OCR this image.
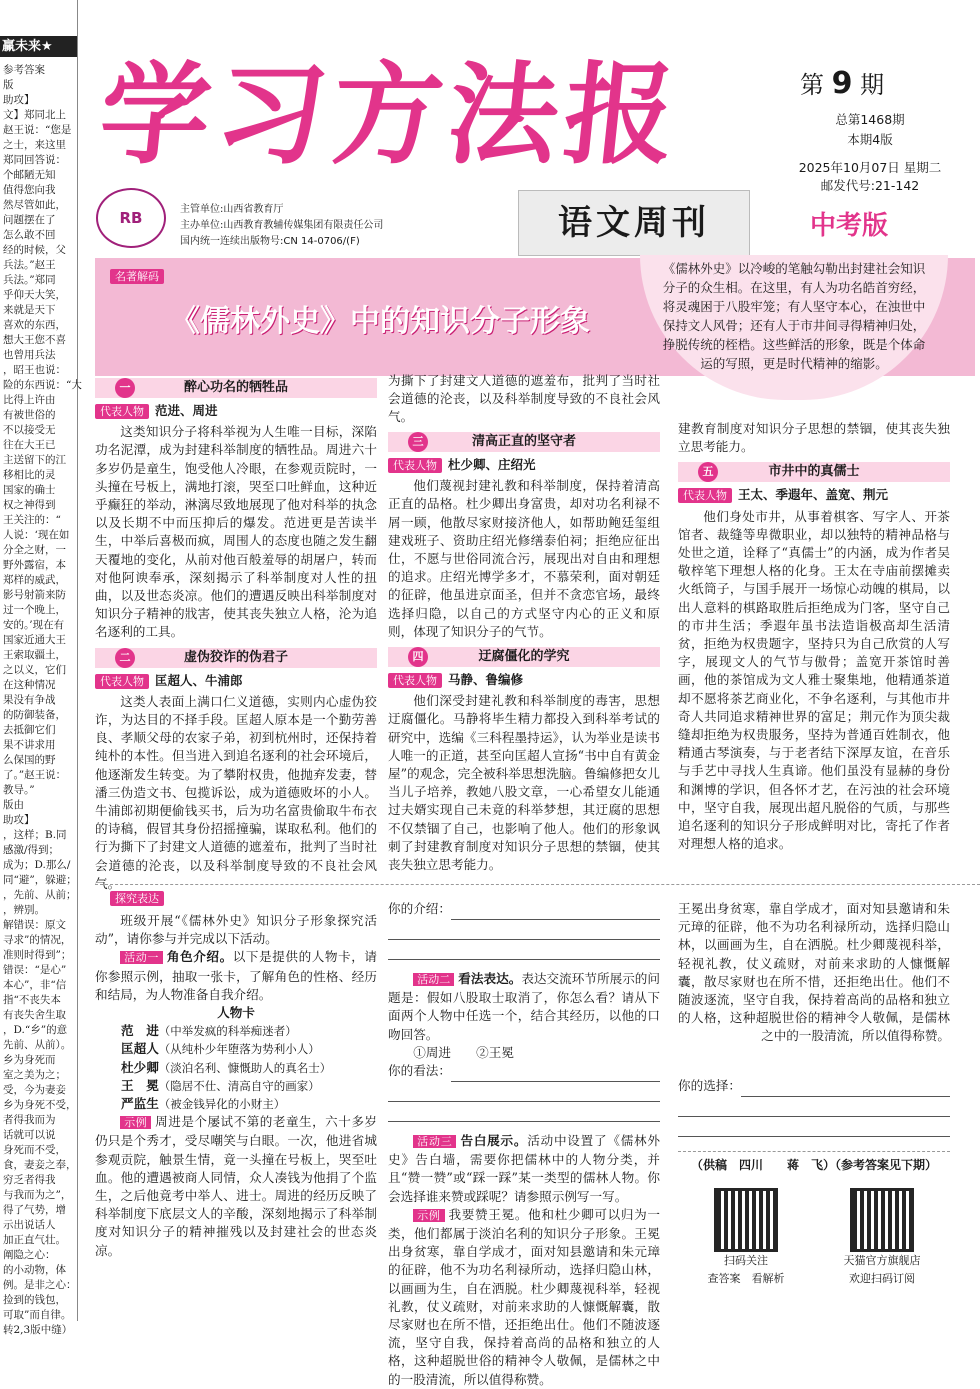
赢未来★
参考答案
版
助攻】
文】郑同北上
赵王说：“您是
之士，来这里
郑同回答说：
个邮陋无知
值得您向我
然尽管如此，
问题摆在了
怎么敢不回
经的时候，父
兵法。”赵王
兵法。”郑同
乎仰天大笑，
来就是天下
喜欢的东西，
想大王您不喜
也曾用兵法
，昭王也说：
险的东西说：“大
比得上许由
有被世俗的
不以接受无
往在大王已
主送留下的江
移相比的灵
国家的确士
权之神得到
王关注的：“
人说：‘现在如
分全之财，一
野外露宿，本
郑样的威武，
影号射箭来防
过一个晚上，
安的。’现在有
国家近通大王
王索取疆土，
之以义，它们
在这种情况
果没有争战
的防御装备，
去抵御它们
果不讲求用
么保国的野
了。”赵王说：
教导。”
版由
助攻】
，这样；B.同
感激/得到；
成为；D.那么/
同“避”，躲避；
，先前、从前；
，辨别。
解错误：原文
寻求”的情况，
准则时得到”；
错误：“是心”
本心”，非“信
指“不丧失本
有丧失舍生取
，D.“乡”的意
先前、从前）。
乡为身死而
室之美为之；
受，今为妻妾
乡为身死不受，
者得我而为
话就可以说
身死而不受，
食，妻妾之奉，
穷乏者得我
与我而为之”，
得了气势，增
示出说话人
加正直气壮。
阐隐之心：
的小动物，体
例。是非之心：
捡到的钱包，
可取”而自律。
转2,3版中缝）
学习方法报	第 9 期
总第1468期
本期4版
2025年10月07日 星期二
邮发代号:21-142
RB	主管单位:山西省教育厅
主办单位:山西教育教辅传媒集团有限责任公司
国内统一连续出版物号:CN 14-0706/(F)	语文周刊	中考版
名著解码
《儒林外史》中的知识分子形象
《儒林外史》以冷峻的笔触勾勒出封建社会知识分子的众生相。在这里，有人为功名皓首穷经，将灵魂困于八股牢笼；有人坚守本心，在浊世中保持文人风骨；还有人于市井间寻得精神归处，挣脱传统的桎梏。这些鲜活的形象，既是个体命运的写照，更是时代精神的缩影。
一	醉心功名的牺牲品
代表人物 范进、周进

这类知识分子将科举视为人生唯一目标，深陷功名泥潭，成为封建科举制度的牺牲品。周进六十多岁仍是童生，饱受他人冷眼，在参观贡院时，一头撞在号板上，满地打滚，哭至口吐鲜血，这种近乎癫狂的举动，淋漓尽致地展现了他对科举的执念以及长期不中而压抑后的爆发。范进更是苦读半生，中举后喜极而疯，周围人的态度也随之发生翻天覆地的变化，从前对他百般羞辱的胡屠户，转而对他阿谀奉承，深刻揭示了科举制度对人性的扭曲，以及世态炎凉。他们的遭遇反映出科举制度对知识分子精神的戕害，使其丧失独立人格，沦为追名逐利的工具。

二	虚伪狡诈的伪君子
代表人物 匡超人、牛浦郎

这类人表面上满口仁义道德，实则内心虚伪狡诈，为达目的不择手段。匡超人原本是一个勤劳善良、孝顺父母的农家子弟，初到杭州时，还保持着纯朴的本性。但当进入到追名逐利的社会环境后，他逐渐发生转变。为了攀附权贵，他抛弃发妻，替潘三伪造文书、包揽诉讼，成为道德败坏的小人。牛浦郎初期便偷钱买书，后为功名富贵偷取牛布衣的诗稿，假冒其身份招摇撞骗，谋取私利。他们的行为撕下了封建文人道德的遮羞布，批判了当时社会道德的沦丧，以及科举制度导致的不良社会风气。

为撕下了封建文人道德的遮羞布，批判了当时社会道德的沦丧，以及科举制度导致的不良社会风气。

三	清高正直的坚守者
代表人物 杜少卿、庄绍光

他们蔑视封建礼教和科举制度，保持着清高正直的品格。杜少卿出身富贵，却对功名利禄不屑一顾，他散尽家财接济他人，如帮助鲍廷玺组建戏班子、资助庄绍光修缮泰伯祠；拒绝应征出仕，不愿与世俗同流合污，展现出对自由和理想的追求。庄绍光博学多才，不慕荣利，面对朝廷的征辟，他虽进京面圣，但并不贪恋官场，最终选择归隐，以自己的方式坚守内心的正义和原则，体现了知识分子的气节。

四	迂腐僵化的学究
代表人物 马静、鲁编修

他们深受封建礼教和科举制度的毒害，思想迂腐僵化。马静将毕生精力都投入到科举考试的研究中，选编《三科程墨持运》，认为举业是读书人唯一的正道，甚至向匡超人宣扬“书中自有黄金屋”的观念，完全被科举思想洗脑。鲁编修把女儿当儿子培养，教她八股文章，一心希望女儿能通过夫婿实现自己未竟的科举梦想，其迂腐的思想不仅禁锢了自己，也影响了他人。他们的形象讽刺了封建教育制度对知识分子思想的禁锢，使其丧失独立思考能力。

建教育制度对知识分子思想的禁锢，使其丧失独立思考能力。

五	市井中的真儒士
代表人物 王太、季遐年、盖宽、荆元

他们身处市井，从事着棋客、写字人、开茶馆者、裁缝等卑微职业，却以独特的精神品格与处世之道，诠释了“真儒士”的内涵，成为作者吴敬梓笔下理想人格的化身。王太在寺庙前摆摊卖火纸筒子，与国手展开一场惊心动魄的棋局，以出人意料的棋路取胜后拒绝成为门客，坚守自己的市井生活；季遐年虽书法造诣极高却生活清贫，拒绝为权贵题字，坚持只为自己欣赏的人写字，展现文人的气节与傲骨；盖宽开茶馆时善画，他的茶馆成为文人雅士聚集地，他精通茶道却不愿将茶艺商业化，不争名逐利，与其他市井奇人共同追求精神世界的富足；荆元作为顶尖裁缝却拒绝为权贵服务，坚持为普通百姓制衣，他精通古琴演奏，与于老者结下深厚友谊，在音乐与手艺中寻找人生真谛。他们虽没有显赫的身份和渊博的学识，但各怀才艺，在污浊的社会环境中，坚守自我，展现出超凡脱俗的气质，与那些追名逐利的知识分子形成鲜明对比，寄托了作者对理想人格的追求。

探究表达

班级开展“《儒林外史》知识分子形象探究活动”，请你参与并完成以下活动。

活动一 角色介绍。以下是提供的人物卡，请你参照示例，抽取一张卡，了解角色的性格、经历和结局，为人物准备自我介绍。

人物卡
范　进（中举发疯的科举痴迷者）
匡超人（从纯朴少年堕落为势利小人）
杜少卿（淡泊名利、慷慨助人的真名士）
王　冕（隐居不仕、清高自守的画家）
严监生（被金钱异化的小财主）

示例 周进是个屡试不第的老童生，六十多岁仍只是个秀才，受尽嘲笑与白眼。一次，他进省城参观贡院，触景生情，竟一头撞在号板上，哭至吐血。他的遭遇被商人同情，众人凑钱为他捐了个监生，之后他竟考中举人、进士。周进的经历反映了科举制度下底层文人的辛酸，深刻地揭示了科举制度对知识分子的精神摧残以及封建社会的世态炎凉。

你的介绍：

活动二 看法表达。表达交流环节所展示的问题是：假如八股取士取消了，你怎么看？请从下面两个人物中任选一个，结合其经历，以他的口吻回答。

①周进　　②王冕

你的看法：

活动三 告白展示。活动中设置了《儒林外史》告白墙，需要你把儒林中的人物分类，并且“赞一赞”或“踩一踩”某一类型的儒林人物。你会选择谁来赞或踩呢？请参照示例写一写。

示例 我要赞王冕。他和杜少卿可以归为一类，他们都属于淡泊名利的知识分子形象。王冕出身贫寒，靠自学成才，面对知县邀请和朱元璋的征辟，他不为功名利禄所动，选择归隐山林，以画画为生，自在洒脱。杜少卿蔑视科举，轻视礼教，仗义疏财，对前来求助的人慷慨解囊，散尽家财也在所不惜，还拒绝出仕。他们不随波逐流，坚守自我，保持着高尚的品格和独立的人格，这种超脱世俗的精神令人敬佩，是儒林之中的一股清流，所以值得称赞。

王冕出身贫寒，靠自学成才，面对知县邀请和朱元璋的征辟，他不为功名利禄所动，选择归隐山林，以画画为生，自在洒脱。杜少卿蔑视科举，轻视礼教，仗义疏财，对前来求助的人慷慨解囊，散尽家财也在所不惜，还拒绝出仕。他们不随波逐流，坚守自我，保持着高尚的品格和独立的人格，这种超脱世俗的精神令人敬佩，是儒林之中的一股清流，所以值得称赞。

你的选择：
（供稿　四川　　蒋　飞）（参考答案见下期）
扫码关注
查答案　看解析
天猫官方旗舰店
欢迎扫码订阅
